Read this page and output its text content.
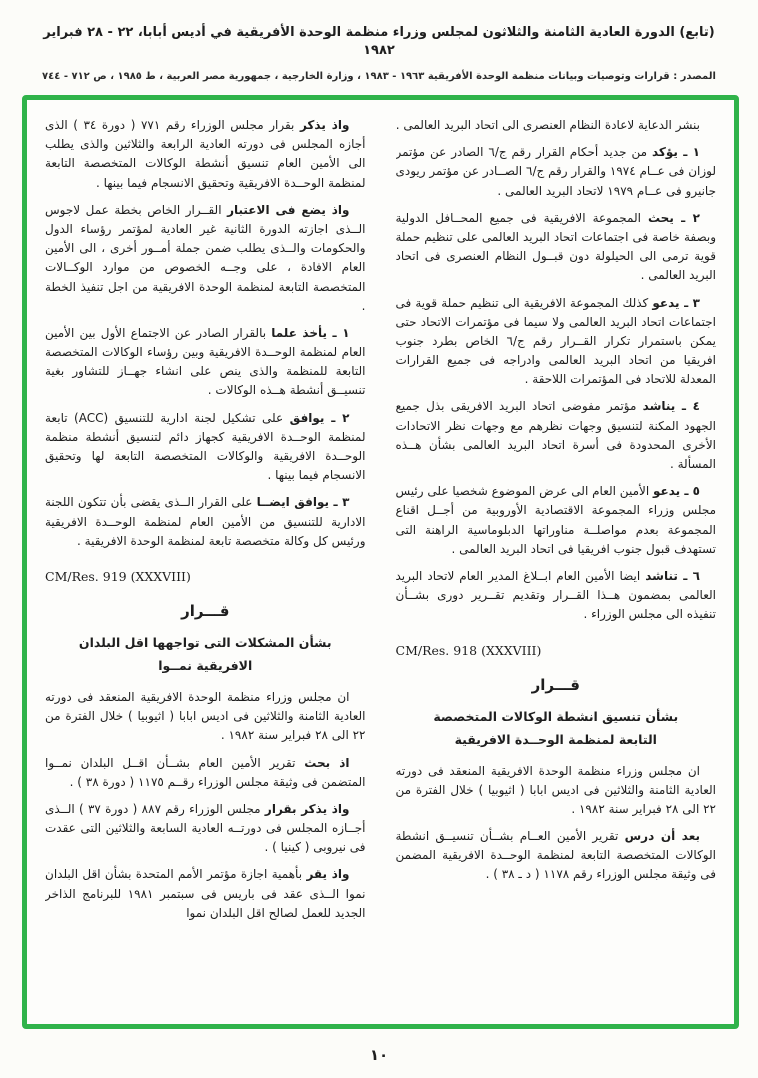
(تابع) الدورة العادية الثامنة والثلاثون لمجلس وزراء منظمة الوحدة الأفريقية في أديس أبابا، ٢٢ - ٢٨ فبراير ١٩٨٢
المصدر : قرارات وتوصيات وبيانات منظمة الوحدة الأفريقية ١٩٦٣ - ١٩٨٣ ، وزارة الخارجية ، جمهورية مصر العربية ، ط ١٩٨٥ ، ص ٧١٢ - ٧٤٤

بنشر الدعاية لاعادة النظام العنصرى الى اتحاد البريد العالمى .

١ ـ يؤكد من جديد أحكام القرار رقم ج/٦ الصادر عن مؤتمر لوزان فى عــام ١٩٧٤ والقرار رقم ج/٦ الصــادر عن مؤتمر ريودى جانيرو فى عــام ١٩٧٩ لاتحاد البريد العالمى .

٢ ـ يحث المجموعة الافريقية فى جميع المحــافل الدولية وبصفة خاصة فى اجتماعات اتحاد البريد العالمى على تنظيم حملة قوية ترمى الى الحيلولة دون قبــول النظام العنصرى فى اتحاد البريد العالمى .

٣ ـ يدعو كذلك المجموعة الافريقية الى تنظيم حملة قوية فى اجتماعات اتحاد البريد العالمى ولا سيما فى مؤتمرات الاتحاد حتى يمكن باستمرار تكرار القــرار رقم ج/٦ الخاص بطرد جنوب افريقيا من اتحاد البريد العالمى وادراجه فى جميع القرارات المعدلة للاتحاد فى المؤتمرات اللاحقة .

٤ ـ يناشد مؤتمر مفوضى اتحاد البريد الافريقى بذل جميع الجهود المكنة لتنسيق وجهات نظرهم مع وجهات نظر الاتحادات الأخرى المحدودة فى أسرة اتحاد البريد العالمى بشأن هــذه المسألة .

٥ ـ يدعو الأمين العام الى عرض الموضوع شخصيا على رئيس مجلس وزراء المجموعة الاقتصادية الأوروبية من أجــل اقناع المجموعة بعدم مواصلــة مناوراتها الدبلوماسية الراهنة التى تستهدف قبول جنوب افريقيا فى اتحاد البريد العالمى .

٦ ـ تناشد ايضا الأمين العام ابــلاغ المدير العام لاتحاد البريد العالمى بمضمون هــذا القــرار وتقديم تقــرير دورى بشــأن تنفيذه الى مجلس الوزراء .

CM/Res. 918 (XXXVIII)
قـــرار
بشأن تنسيق انشطة الوكالات المتخصصة
التابعة لمنظمة الوحــدة الافريقية

ان مجلس وزراء منظمة الوحدة الافريقية المنعقد فى دورته العادية الثامنة والثلاثين فى اديس ابابا ( اثيوبيا ) خلال الفترة من ٢٢ الى ٢٨ فبراير سنة ١٩٨٢ .

بعد أن درس تقرير الأمين العــام بشــأن تنسيــق انشطة الوكالات المتخصصة التابعة لمنظمة الوحــدة الافريقية المضمن فى وثيقة مجلس الوزراء رقم ١١٧٨ ( د ـ ٣٨ ) .

واذ يذكر بقرار مجلس الوزراء رقم ٧٧١ ( دورة ٣٤ ) الذى أجازه المجلس فى دورته العادية الرابعة والثلاثين والذى يطلب الى الأمين العام تنسيق أنشطة الوكالات المتخصصة التابعة لمنظمة الوحــدة الافريقية وتحقيق الانسجام فيما بينها .

واذ يضع فى الاعتبار القــرار الخاص بخطة عمل لاجوس الــذى اجازته الدورة الثانية غير العادية لمؤتمر رؤساء الدول والحكومات والــذى يطلب ضمن جملة أمــور أخرى ، الى الأمين العام الافادة ، على وجــه الخصوص من موارد الوكــالات المتخصصة التابعة لمنظمة الوحدة الافريقية من اجل تنفيذ الخطة .

١ ـ يأخذ علما بالقرار الصادر عن الاجتماع الأول بين الأمين العام لمنظمة الوحــدة الافريقية وبين رؤساء الوكالات المتخصصة التابعة للمنظمة والذى ينص على انشاء جهــاز للتشاور بغية تنسيــق أنشطة هــذه الوكالات .

٢ ـ يوافق على تشكيل لجنة ادارية للتنسيق (ACC) تابعة لمنظمة الوحــدة الافريقية كجهاز دائم لتنسيق أنشطة منظمة الوحــدة الافريقية والوكالات المتخصصة التابعة لها وتحقيق الانسجام فيما بينها .

٣ ـ يوافق ايضــا على القرار الــذى يقضى بأن تتكون اللجنة الادارية للتنسيق من الأمين العام لمنظمة الوحــدة الافريقية ورئيس كل وكالة متخصصة تابعة لمنظمة الوحدة الافريقية .

CM/Res. 919 (XXXVIII)
قـــرار
بشأن المشكلات التى تواجهها اقل البلدان
الافريقية نمــوا

ان مجلس وزراء منظمة الوحدة الافريقية المنعقد فى دورته العادية الثامنة والثلاثين فى اديس ابابا ( اثيوبيا ) خلال الفترة من ٢٢ الى ٢٨ فبراير سنة ١٩٨٢ .

اذ بحث تقرير الأمين العام بشــأن اقــل البلدان نمــوا المتضمن فى وثيقة مجلس الوزراء رقــم ١١٧٥ ( دورة ٣٨ ) .

واذ يذكر بقرار مجلس الوزراء رقم ٨٨٧ ( دورة ٣٧ ) الــذى أجــازه المجلس فى دورتــه العادية السابعة والثلاثين التى عقدت فى نيروبى ( كينيا ) .

واذ يقر بأهمية اجازة مؤتمر الأمم المتحدة بشأن اقل البلدان نموا الــذى عقد فى باريس فى سبتمبر ١٩٨١ للبرنامج الذاخر الجديد للعمل لصالح اقل البلدان نموا

١٠
